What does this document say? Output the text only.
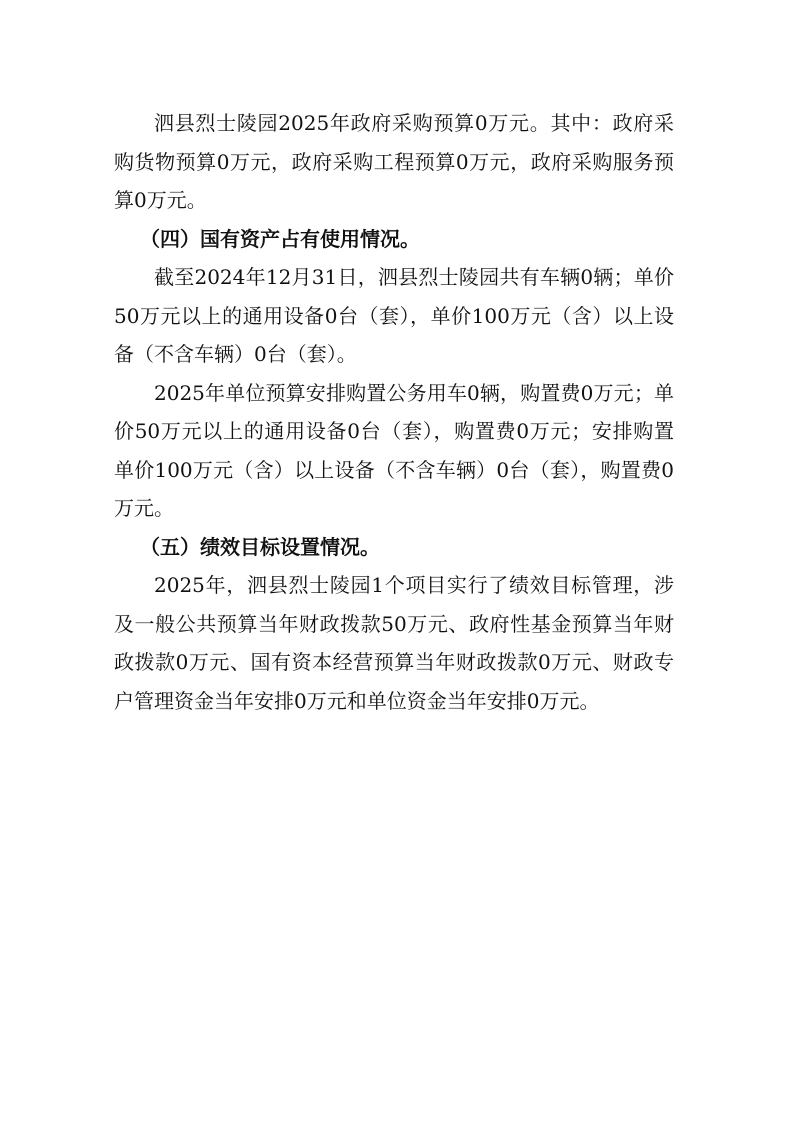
泗县烈士陵园2025年政府采购预算0万元。其中：政府采购货物预算0万元，政府采购工程预算0万元，政府采购服务预算0万元。

（四）国有资产占有使用情况。

截至2024年12月31日，泗县烈士陵园共有车辆0辆；单价50万元以上的通用设备0台（套），单价100万元（含）以上设备（不含车辆）0台（套）。

2025年单位预算安排购置公务用车0辆，购置费0万元；单价50万元以上的通用设备0台（套），购置费0万元；安排购置单价100万元（含）以上设备（不含车辆）0台（套），购置费0万元。

（五）绩效目标设置情况。

2025年，泗县烈士陵园1个项目实行了绩效目标管理，涉及一般公共预算当年财政拨款50万元、政府性基金预算当年财政拨款0万元、国有资本经营预算当年财政拨款0万元、财政专户管理资金当年安排0万元和单位资金当年安排0万元。
